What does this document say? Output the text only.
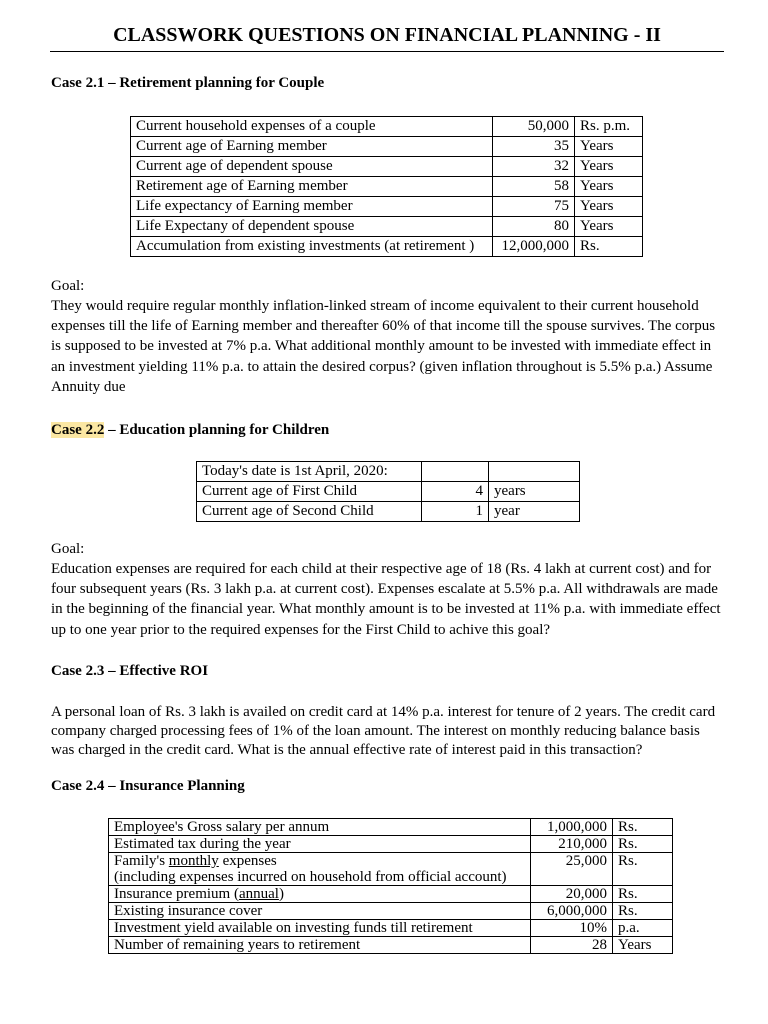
CLASSWORK QUESTIONS ON FINANCIAL PLANNING - II
Case 2.1 – Retirement planning for Couple
Current household expenses of a couple	50,000	Rs. p.m.
Current age of Earning member	35	Years
Current age of dependent spouse	32	Years
Retirement age of Earning member	58	Years
Life expectancy of Earning member	75	Years
Life Expectany of dependent spouse	80	Years
Accumulation from existing investments (at retirement )	12,000,000	Rs.
Goal:
They would require regular monthly inflation-linked stream of income equivalent to their current household expenses till the life of Earning member and thereafter 60% of that income till the spouse survives. The corpus is supposed to be invested at 7% p.a. What additional monthly amount to be invested with immediate effect in an investment yielding 11% p.a. to attain the desired corpus? (given inflation throughout is 5.5% p.a.) Assume Annuity due
Case 2.2 – Education planning for Children
Today's date is 1st April, 2020:		
Current age of First Child	4	years
Current age of Second Child	1	year
Goal:
Education expenses are required for each child at their respective age of 18 (Rs. 4 lakh at current cost) and for four subsequent years (Rs. 3 lakh p.a. at current cost). Expenses escalate at 5.5% p.a. All withdrawals are made in the beginning of the financial year. What monthly amount is to be invested at 11% p.a. with immediate effect up to one year prior to the required expenses for the First Child to achive this goal?
Case 2.3 – Effective ROI
A personal loan of Rs. 3 lakh is availed on credit card at 14% p.a. interest for tenure of 2 years. The credit card company charged processing fees of 1% of the loan amount. The interest on monthly reducing balance basis was charged in the credit card. What is the annual effective rate of interest paid in this transaction?
Case 2.4 – Insurance Planning
Employee's Gross salary per annum	1,000,000	Rs.
Estimated tax during the year	210,000	Rs.
Family's monthly expenses	25,000	Rs.
(including expenses incurred on household from official account)		
Insurance premium (annual)	20,000	Rs.
Existing insurance cover	6,000,000	Rs.
Investment yield available on investing funds till retirement	10%	p.a.
Number of remaining years to retirement	28	Years
